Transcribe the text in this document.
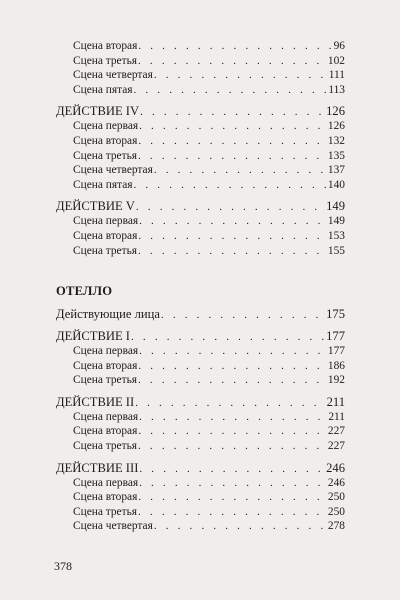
Сцена вторая . . .	96
Сцена третья . . .	102
Сцена четвертая . . .	111
Сцена пятая . . .	113
ДЕЙСТВИЕ IV . . .	126
Сцена первая . . .	126
Сцена вторая . . .	132
Сцена третья . . .	135
Сцена четвертая . . .	137
Сцена пятая . . .	140
ДЕЙСТВИЕ V . . .	149
Сцена первая . . .	149
Сцена вторая . . .	153
Сцена третья . . .	155
ОТЕЛЛО
Действующие лица . . .	175
ДЕЙСТВИЕ I . . .	177
Сцена первая . . .	177
Сцена вторая . . .	186
Сцена третья . . .	192
ДЕЙСТВИЕ II . . .	211
Сцена первая . . .	211
Сцена вторая . . .	227
Сцена третья . . .	227
ДЕЙСТВИЕ III . . .	246
Сцена первая . . .	246
Сцена вторая . . .	250
Сцена третья . . .	250
Сцена четвертая . . .	278
378
